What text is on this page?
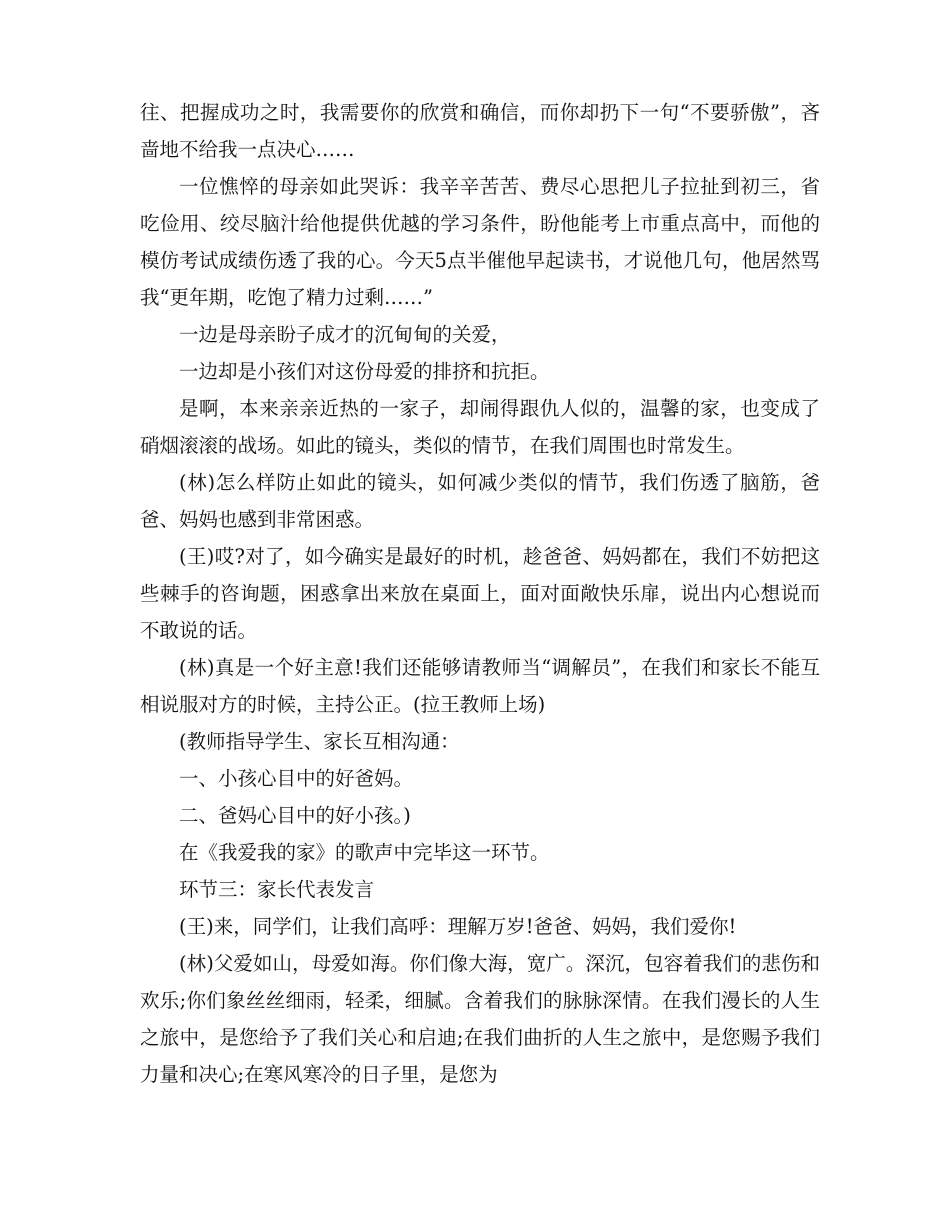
往、把握成功之时，我需要你的欣赏和确信，而你却扔下一句“不要骄傲”，吝啬地不给我一点决心……

一位憔悴的母亲如此哭诉：我辛辛苦苦、费尽心思把儿子拉扯到初三，省吃俭用、绞尽脑汁给他提供优越的学习条件，盼他能考上市重点高中，而他的模仿考试成绩伤透了我的心。今天5点半催他早起读书，才说他几句，他居然骂我“更年期，吃饱了精力过剩……”

一边是母亲盼子成才的沉甸甸的关爱，

一边却是小孩们对这份母爱的排挤和抗拒。

是啊，本来亲亲近热的一家子，却闹得跟仇人似的，温馨的家，也变成了硝烟滚滚的战场。如此的镜头，类似的情节，在我们周围也时常发生。

(林)怎么样防止如此的镜头，如何减少类似的情节，我们伤透了脑筋，爸爸、妈妈也感到非常困惑。

(王)哎?对了，如今确实是最好的时机，趁爸爸、妈妈都在，我们不妨把这些棘手的咨询题，困惑拿出来放在桌面上，面对面敞快乐扉，说出内心想说而不敢说的话。

(林)真是一个好主意!我们还能够请教师当“调解员”，在我们和家长不能互相说服对方的时候，主持公正。(拉王教师上场)

(教师指导学生、家长互相沟通：

一、小孩心目中的好爸妈。

二、爸妈心目中的好小孩。)

在《我爱我的家》的歌声中完毕这一环节。

环节三：家长代表发言

(王)来，同学们，让我们高呼：理解万岁!爸爸、妈妈，我们爱你!

(林)父爱如山，母爱如海。你们像大海，宽广。深沉，包容着我们的悲伤和欢乐;你们象丝丝细雨，轻柔，细腻。含着我们的脉脉深情。在我们漫长的人生之旅中，是您给予了我们关心和启迪;在我们曲折的人生之旅中，是您赐予我们力量和决心;在寒风寒冷的日子里，是您为
